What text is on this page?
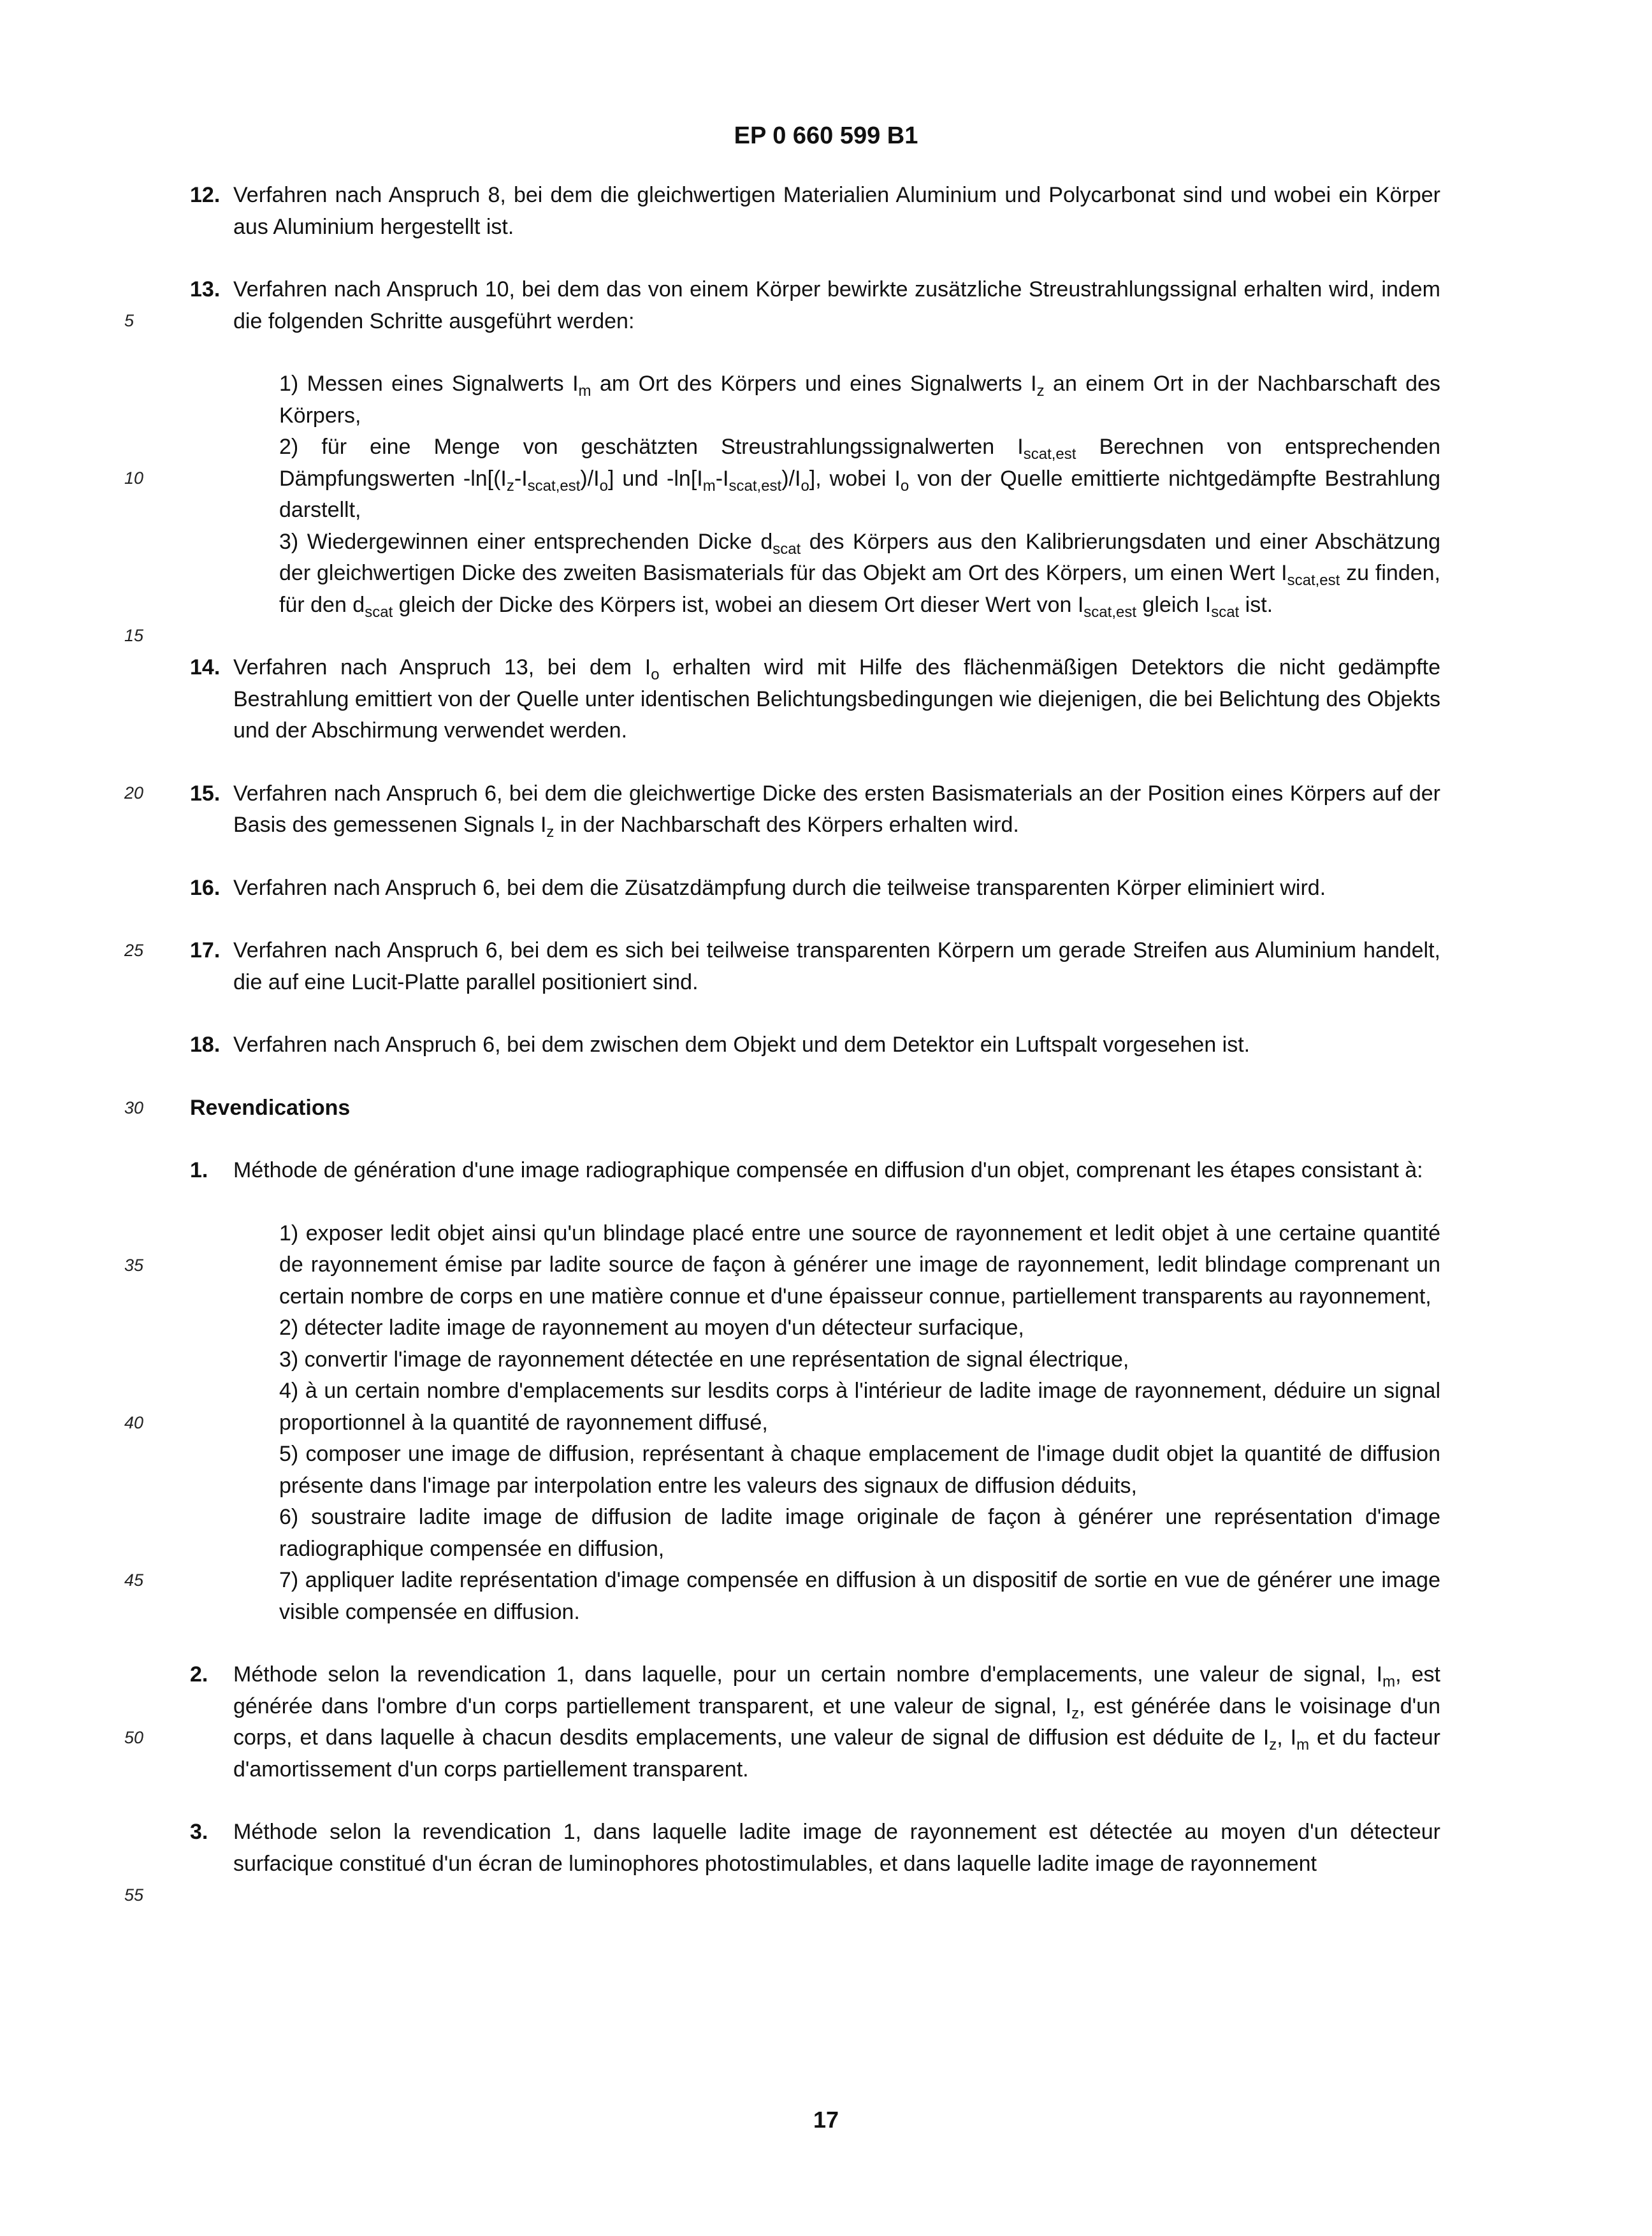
EP 0 660 599 B1
5
10
15
20
25
30
35
40
45
50
55
12. Verfahren nach Anspruch 8, bei dem die gleichwertigen Materialien Aluminium und Polycarbonat sind und wobei ein Körper aus Aluminium hergestellt ist.
13. Verfahren nach Anspruch 10, bei dem das von einem Körper bewirkte zusätzliche Streustrahlungssignal erhalten wird, indem die folgenden Schritte ausgeführt werden:
1) Messen eines Signalwerts $I_m$ am Ort des Körpers und eines Signalwerts $I_z$ an einem Ort in der Nachbarschaft des Körpers,
2) für eine Menge von geschätzten Streustrahlungssignalwerten $I_{scat,est}$ Berechnen von entsprechenden Dämpfungswerten $-\ln[(I_z-I_{scat,est})/I_o]$ und $-\ln[I_m-I_{scat,est})/I_o$], wobei $I_o$ von der Quelle emittierte nichtgedämpfte Bestrahlung darstellt,
3) Wiedergewinnen einer entsprechenden Dicke $d_{scat}$ des Körpers aus den Kalibrierungsdaten und einer Abschätzung der gleichwertigen Dicke des zweiten Basismaterials für das Objekt am Ort des Körpers, um einen Wert $I_{scat,est}$ zu finden, für den $d_{scat}$ gleich der Dicke des Körpers ist, wobei an diesem Ort dieser Wert von $I_{scat,est}$ gleich $I_{scat}$ ist.
14. Verfahren nach Anspruch 13, bei dem $I_o$ erhalten wird mit Hilfe des flächenmäßigen Detektors die nicht gedämpfte Bestrahlung emittiert von der Quelle unter identischen Belichtungsbedingungen wie diejenigen, die bei Belichtung des Objekts und der Abschirmung verwendet werden.
15. Verfahren nach Anspruch 6, bei dem die gleichwertige Dicke des ersten Basismaterials an der Position eines Körpers auf der Basis des gemessenen Signals $I_z$ in der Nachbarschaft des Körpers erhalten wird.
16. Verfahren nach Anspruch 6, bei dem die Züsatzdämpfung durch die teilweise transparenten Körper eliminiert wird.
17. Verfahren nach Anspruch 6, bei dem es sich bei teilweise transparenten Körpern um gerade Streifen aus Aluminium handelt, die auf eine Lucit-Platte parallel positioniert sind.
18. Verfahren nach Anspruch 6, bei dem zwischen dem Objekt und dem Detektor ein Luftspalt vorgesehen ist.
Revendications
1. Méthode de génération d'une image radiographique compensée en diffusion d'un objet, comprenant les étapes consistant à:
1) exposer ledit objet ainsi qu'un blindage placé entre une source de rayonnement et ledit objet à une certaine quantité de rayonnement émise par ladite source de façon à générer une image de rayonnement, ledit blindage comprenant un certain nombre de corps en une matière connue et d'une épaisseur connue, partiellement transparents au rayonnement,
2) détecter ladite image de rayonnement au moyen d'un détecteur surfacique,
3) convertir l'image de rayonnement détectée en une représentation de signal électrique,
4) à un certain nombre d'emplacements sur lesdits corps à l'intérieur de ladite image de rayonnement, déduire un signal proportionnel à la quantité de rayonnement diffusé,
5) composer une image de diffusion, représentant à chaque emplacement de l'image dudit objet la quantité de diffusion présente dans l'image par interpolation entre les valeurs des signaux de diffusion déduits,
6) soustraire ladite image de diffusion de ladite image originale de façon à générer une représentation d'image radiographique compensée en diffusion,
7) appliquer ladite représentation d'image compensée en diffusion à un dispositif de sortie en vue de générer une image visible compensée en diffusion.
2. Méthode selon la revendication 1, dans laquelle, pour un certain nombre d'emplacements, une valeur de signal, $I_m$, est générée dans l'ombre d'un corps partiellement transparent, et une valeur de signal, $I_z$, est générée dans le voisinage d'un corps, et dans laquelle à chacun desdits emplacements, une valeur de signal de diffusion est déduite de $I_z$, $I_m$ et du facteur d'amortissement d'un corps partiellement transparent.
3. Méthode selon la revendication 1, dans laquelle ladite image de rayonnement est détectée au moyen d'un détecteur surfacique constitué d'un écran de luminophores photostimulables, et dans laquelle ladite image de rayonnement
17
